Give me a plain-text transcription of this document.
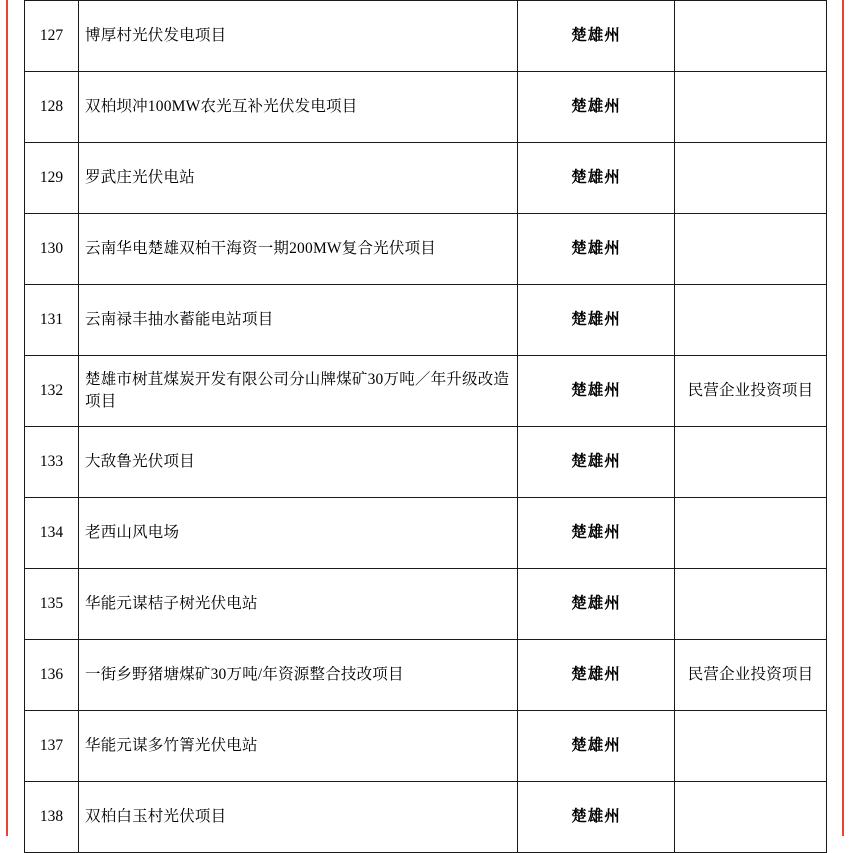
127	博厚村光伏发电项目	楚雄州	
128	双柏坝冲100MW农光互补光伏发电项目	楚雄州	
129	罗武庄光伏电站	楚雄州	
130	云南华电楚雄双柏干海资一期200MW复合光伏项目	楚雄州	
131	云南禄丰抽水蓄能电站项目	楚雄州	
132	楚雄市树苴煤炭开发有限公司分山牌煤矿30万吨／年升级改造项目	楚雄州	民营企业投资项目
133	大敌鲁光伏项目	楚雄州	
134	老西山风电场	楚雄州	
135	华能元谋桔子树光伏电站	楚雄州	
136	一街乡野猪塘煤矿30万吨/年资源整合技改项目	楚雄州	民营企业投资项目
137	华能元谋多竹箐光伏电站	楚雄州	
138	双柏白玉村光伏项目	楚雄州	
